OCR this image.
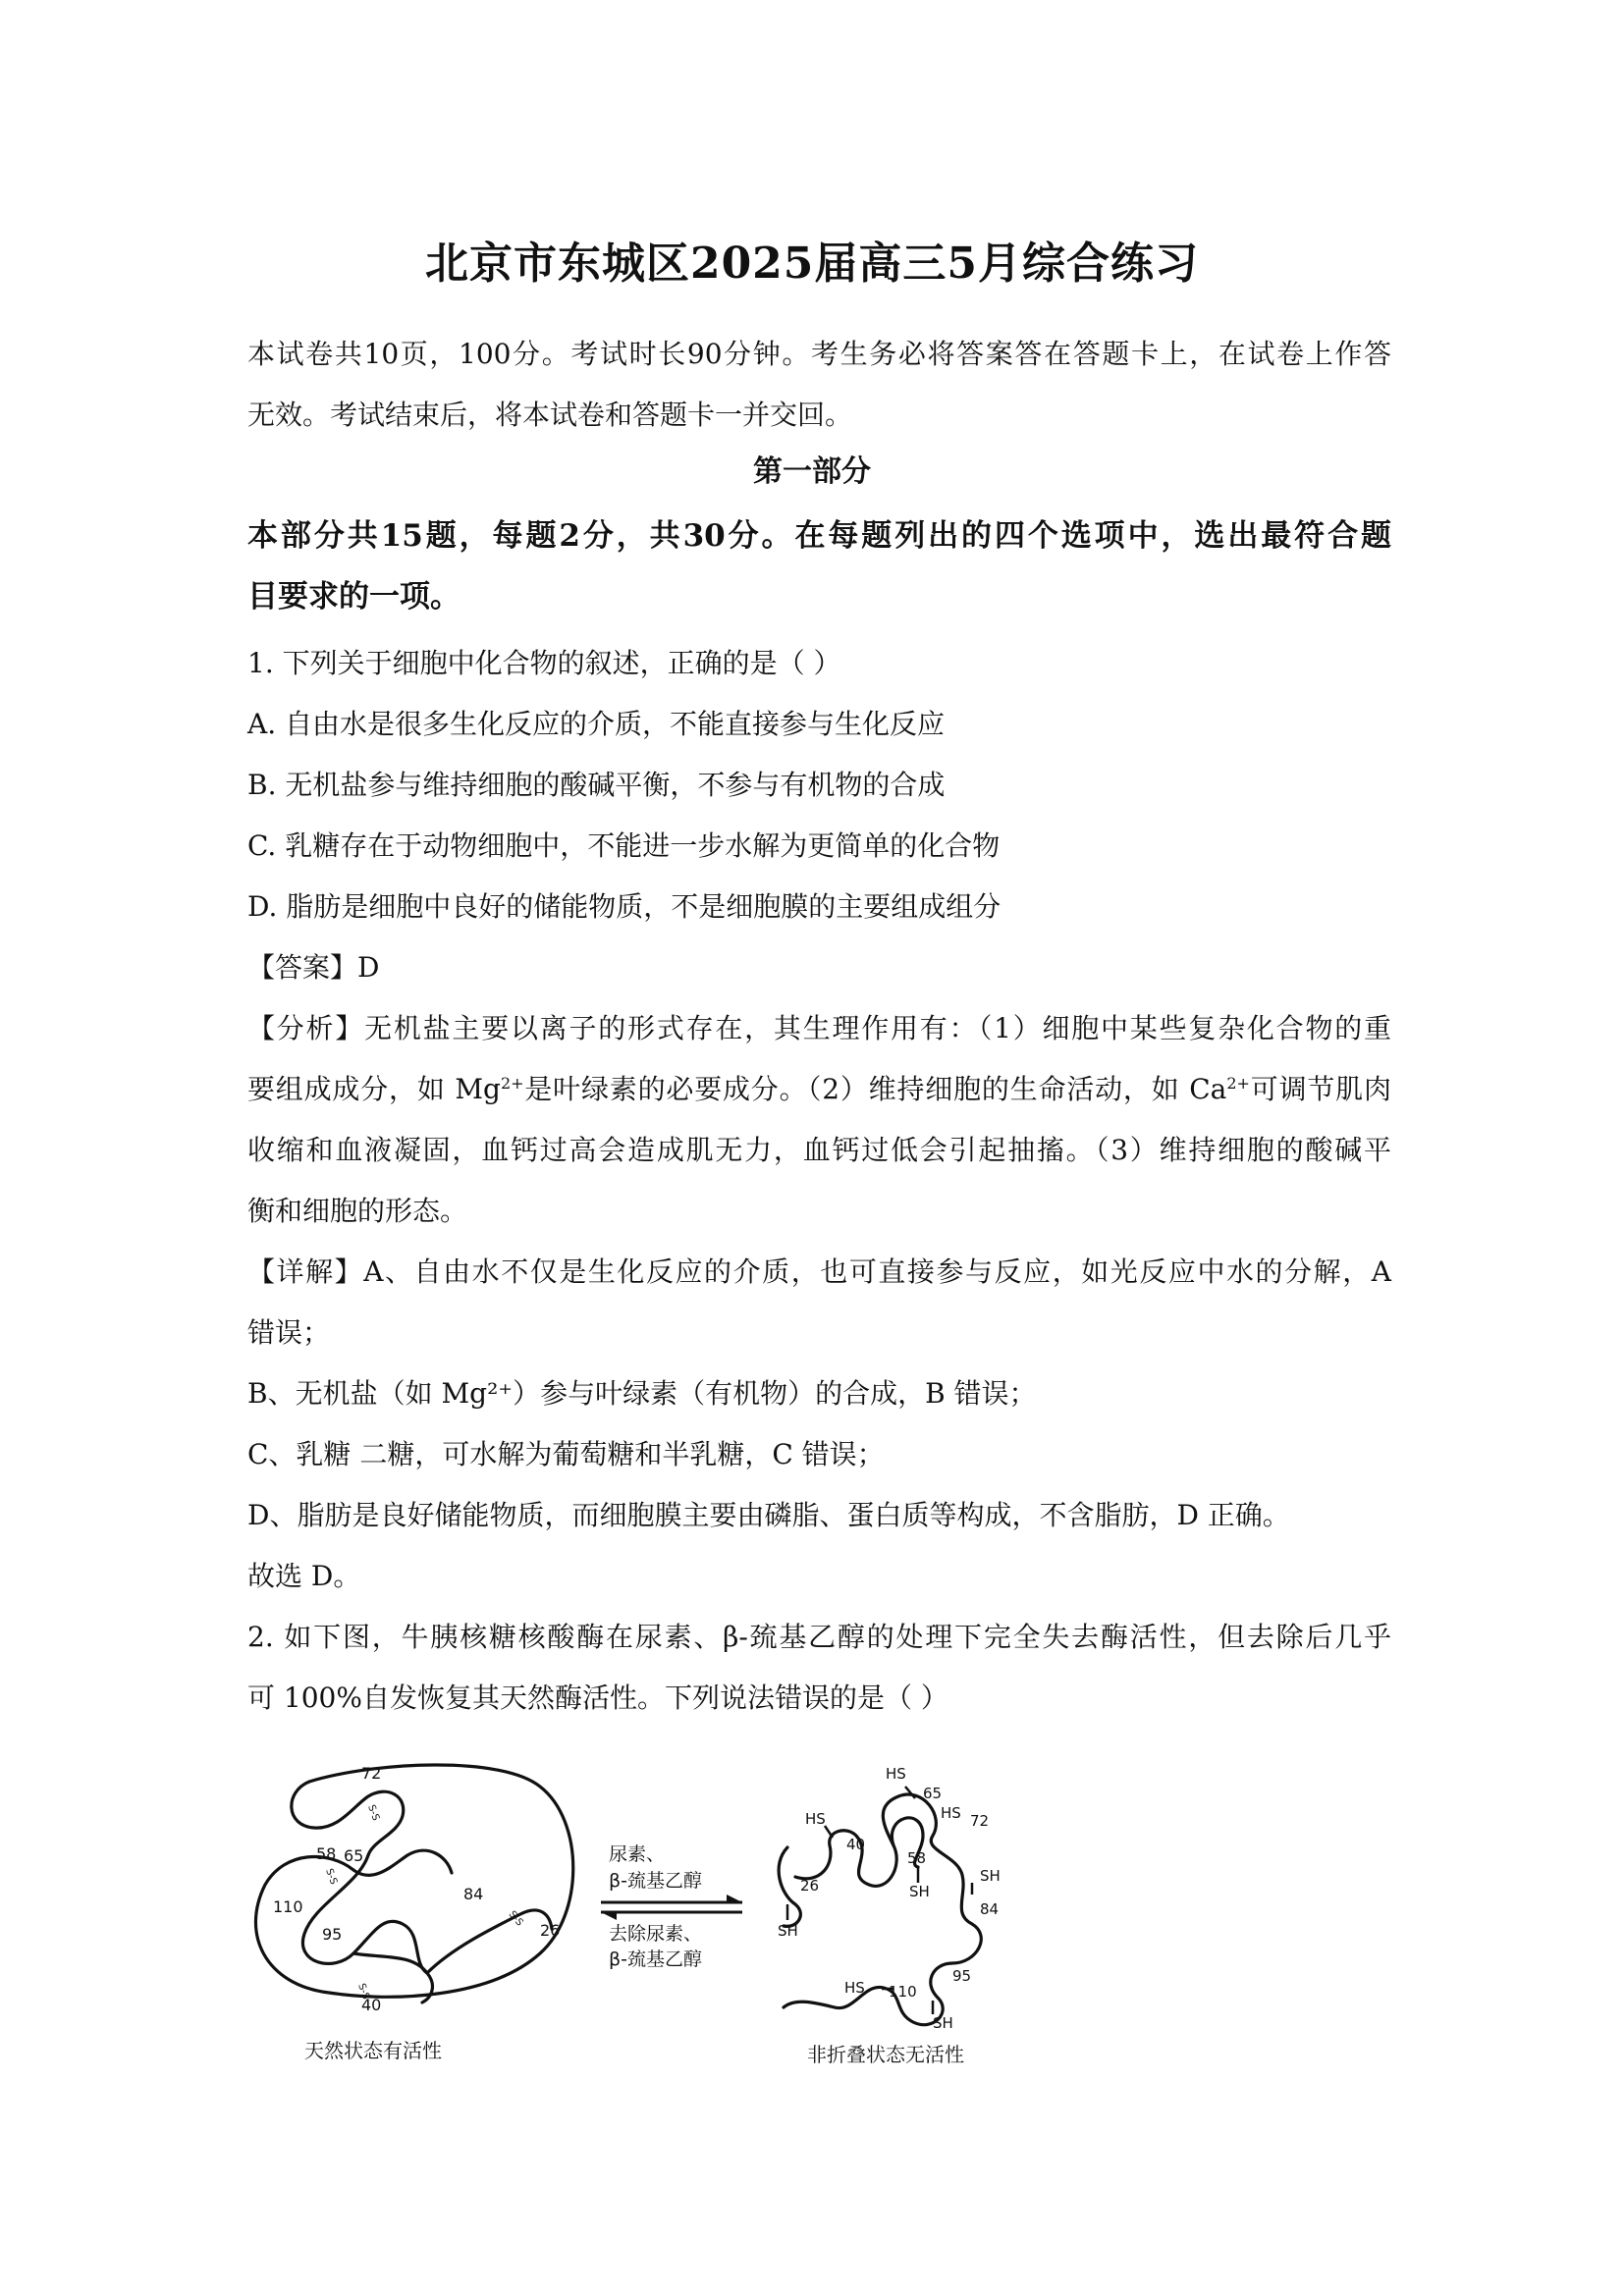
北京市东城区2025届高三5月综合练习
本试卷共10页，100分。考试时长90分钟。考生务必将答案答在答题卡上，在试卷上作答
无效。考试结束后，将本试卷和答题卡一并交回。
第一部分
本部分共15题，每题2分，共30分。在每题列出的四个选项中，选出最符合题
目要求的一项。
1. 下列关于细胞中化合物的叙述，正确的是（ ）
A. 自由水是很多生化反应的介质，不能直接参与生化反应
B. 无机盐参与维持细胞的酸碱平衡，不参与有机物的合成
C. 乳糖存在于动物细胞中，不能进一步水解为更简单的化合物
D. 脂肪是细胞中良好的储能物质，不是细胞膜的主要组成组分
【答案】D
【分析】无机盐主要以离子的形式存在，其生理作用有：（1）细胞中某些复杂化合物的重
要组成成分，如 $Mg^{2+}$是叶绿素的必要成分。（2）维持细胞的生命活动，如 $Ca^{2+}$可调节肌肉
收缩和血液凝固，血钙过高会造成肌无力，血钙过低会引起抽搐。（3）维持细胞的酸碱平
衡和细胞的形态。
【详解】A、自由水不仅是生化反应的介质，也可直接参与反应，如光反应中水的分解，A
错误；
B、无机盐（如 Mg²⁺）参与叶绿素（有机物）的合成，B 错误；
C、乳糖 二糖，可水解为葡萄糖和半乳糖，C 错误；
D、脂肪是良好储能物质，而细胞膜主要由磷脂、蛋白质等构成，不含脂肪，D 正确。
故选 D。
2. 如下图，牛胰核糖核酸酶在尿素、β-巯基乙醇的处理下完全失去酶活性，但去除后几乎
可 100%自发恢复其天然酶活性。下列说法错误的是（ ）
72
58 65
110
95
84
26
40
S-S
S-S
S-S
S-S
天然状态有活性
尿素、
β-巯基乙醇
去除尿素、
β-巯基乙醇
HS
65
HS 72
HS
40
58
SH
26
SH
SH
84
HS 110
95
SH
非折叠状态无活性
